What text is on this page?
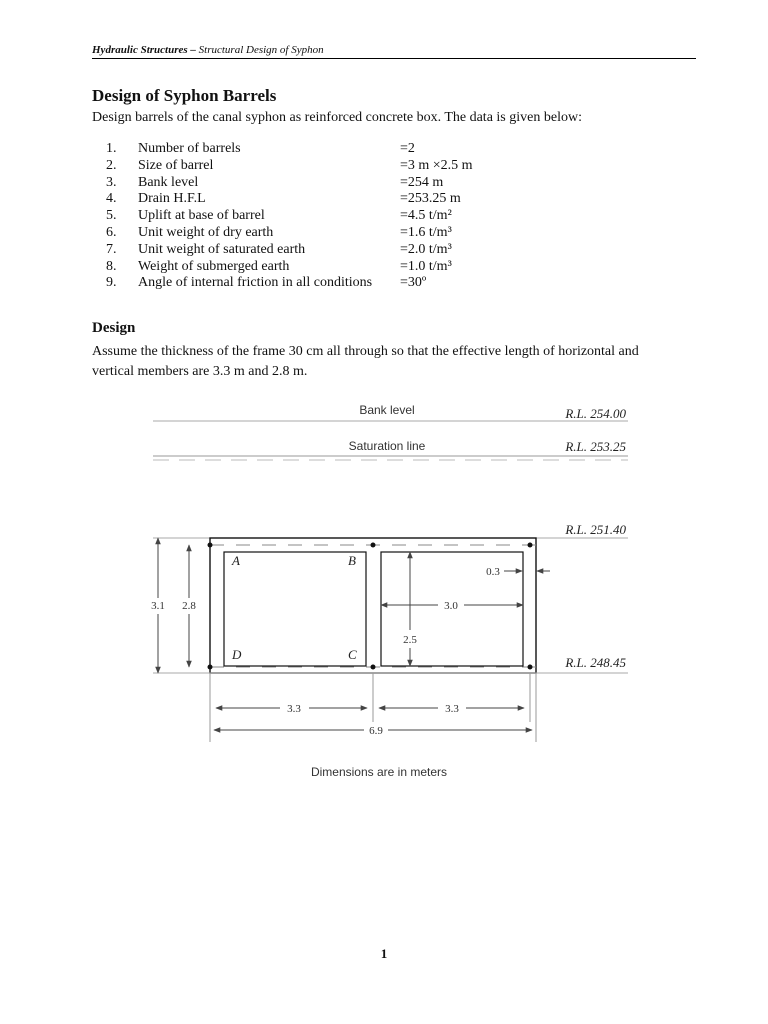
Hydraulic Structures – Structural Design of Syphon
Design of Syphon Barrels
Design barrels of the canal syphon as reinforced concrete box. The data is given below:
1.	Number of barrels	=2
2.	Size of barrel	=3 m ×2.5 m
3.	Bank level	=254 m
4.	Drain H.F.L	=253.25 m
5.	Uplift at base of barrel	=4.5 t/m²
6.	Unit weight of dry earth	=1.6 t/m³
7.	Unit weight of saturated earth	=2.0 t/m³
8.	Weight of submerged earth	=1.0 t/m³
9.	Angle of internal friction in all conditions	=30º
Design
Assume the thickness of the frame 30 cm all through so that the effective length of horizontal and vertical members are 3.3 m and 2.8 m.
Bank level	R.L. 254.00
Saturation line	R.L. 253.25
R.L. 251.40
A	B
D	C
R.L. 248.45
0.3
3.0
2.5
3.1 2.8
3.3	3.3
6.9
Dimensions are in meters
1
